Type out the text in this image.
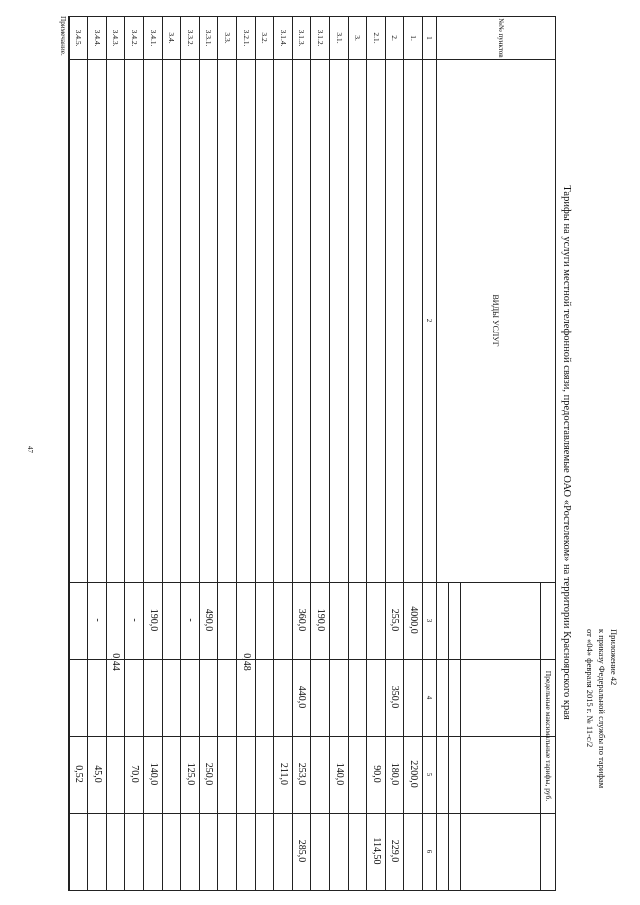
Приложение 42
к приказу Федеральной службы по тарифам
от «04» февраля 2015 г. № 11-с/2
Тарифы на услуги местной телефонной связи, предоставляемые ОАО «Ростелеком» на территории Красноярского края
№№ пунктов
ВИДЫ УСЛУГ
Предельные максимальные тарифы, руб.
1
2
3
4
5
6
1.
4000,0
2200,0
2.
255,0
350,0
180,0
229,0
2.1.
90,0
114,50
3.
3.1.
140,0
3.1.2.
190,0
3.1.3.
360,0
440,0
253,0
285,0
3.1.4.
211,0
3.2.
3.2.1.
0,48
3.3.
3.3.1.
490,0
250,0
3.3.2.
-
125,0
3.4.
3.4.1.
190,0
140,0
3.4.2.
-
70,0
3.4.3.
0,44
3.4.4.
-
45,0
3.4.5.
0,52
Примечание.
47
